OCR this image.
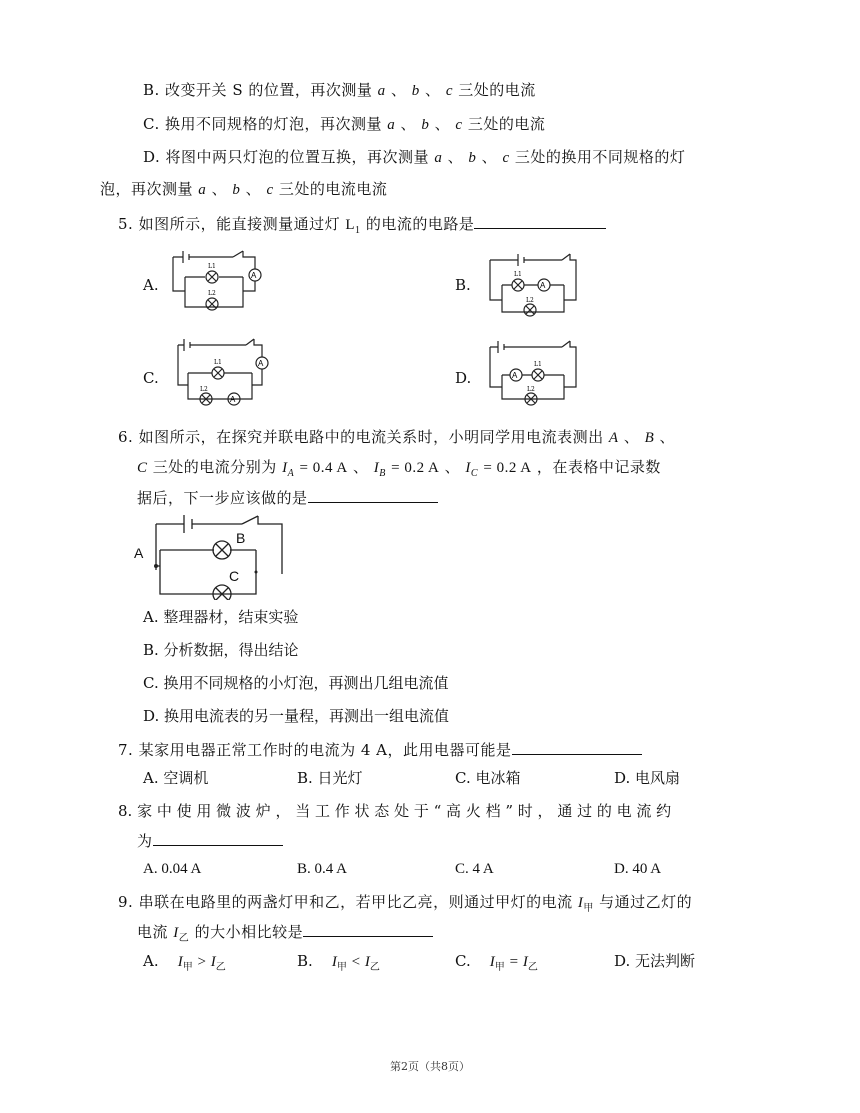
B. 改变开关 S 的位置，再次测量 a 、 b 、 c 三处的电流
C. 换用不同规格的灯泡，再次测量 a 、 b 、 c 三处的电流
D. 将图中两只灯泡的位置互换，再次测量 a 、 b 、 c 三处的换用不同规格的灯
泡，再次测量 a 、 b 、 c 三处的电流电流
5. 如图所示，能直接测量通过灯 $L_1$ 的电流的电路是
A.	B.
C.	D.
A
L1
L2
A
L1
L2
A
A
L1
L2
A
L1
L2
6. 如图所示，在探究并联电路中的电流关系时，小明同学用电流表测出 A 、 B 、
C 三处的电流分别为 $I_A = 0.4$ A 、 $I_B = 0.2$ A 、 $I_C = 0.2$ A ，在表格中记录数
据后，下一步应该做的是
A
B
C
A. 整理器材，结束实验
B. 分析数据，得出结论
C. 换用不同规格的小灯泡，再测出几组电流值
D. 换用电流表的另一量程，再测出一组电流值
7. 某家用电器正常工作时的电流为 4 A，此用电器可能是
A. 空调机	B. 日光灯	C. 电冰箱	D. 电风扇
8. 家 中 使 用 微 波 炉 ， 当 工 作 状 态 处 于 “ 高 火 档 ” 时 ， 通 过 的 电 流 约
为
A. 0.04 A	B. 0.4 A	C. 4 A	D. 40 A
9. 串联在电路里的两盏灯甲和乙，若甲比乙亮，则通过甲灯的电流 $I_甲$ 与通过乙灯的
电流 $I_乙$ 的大小相比较是
A. $I_甲 > I_乙$	B. $I_甲 < I_乙$	C. $I_甲 = I_乙$	D. 无法判断
第2页（共8页）
